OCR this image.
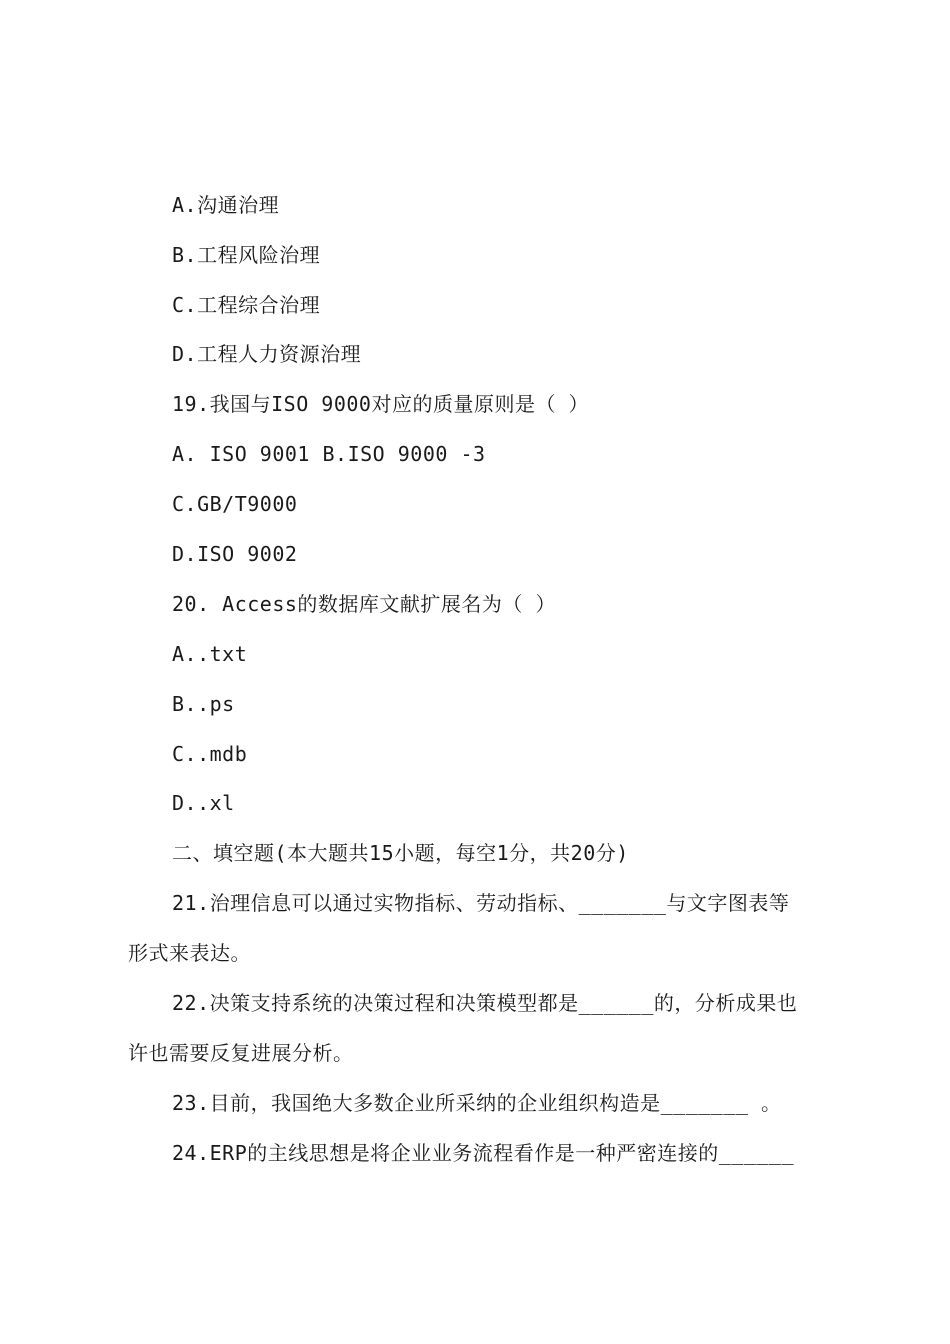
A.沟通治理
B.工程风险治理
C.工程综合治理
D.工程人力资源治理
19.我国与ISO 9000对应的质量原则是（ ）
A. ISO 9001 B.ISO 9000 -3
C.GB/T9000
D.ISO 9002
20. Access的数据库文献扩展名为（ ）
A..txt
B..ps
C..mdb
D..xl
二、填空题(本大题共15小题，每空1分，共20分)
21.治理信息可以通过实物指标、劳动指标、_______与文字图表等
形式来表达。
22.决策支持系统的决策过程和决策模型都是______的，分析成果也
许也需要反复进展分析。
23.目前，我国绝大多数企业所采纳的企业组织构造是_______ 。
24.ERP的主线思想是将企业业务流程看作是一种严密连接的______
